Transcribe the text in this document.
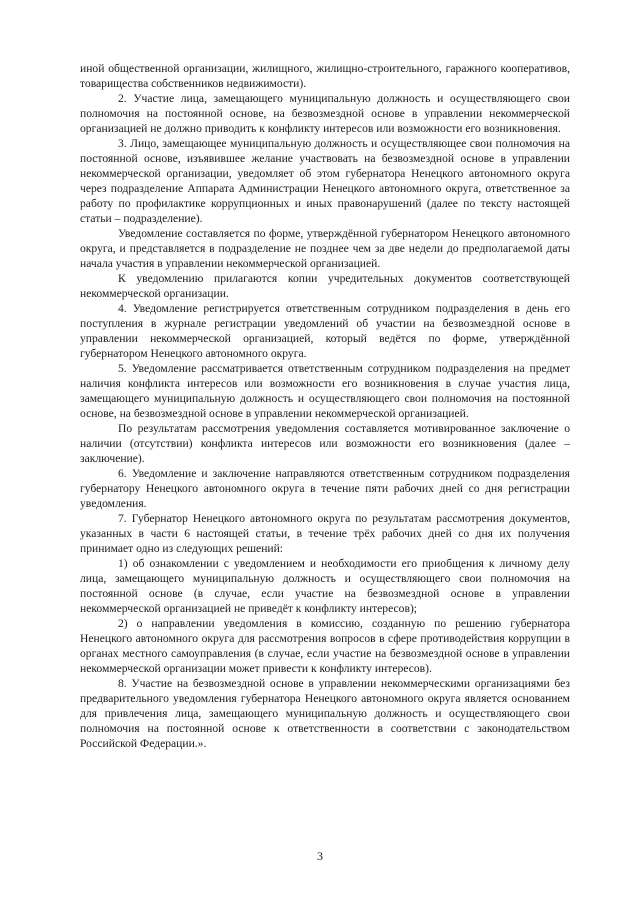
иной общественной организации, жилищного, жилищно-строительного, гаражного кооперативов, товарищества собственников недвижимости).

2. Участие лица, замещающего муниципальную должность и осуществляющего свои полномочия на постоянной основе, на безвозмездной основе в управлении некоммерческой организацией не должно приводить к конфликту интересов или возможности его возникновения.

3. Лицо, замещающее муниципальную должность и осуществляющее свои полномочия на постоянной основе, изъявившее желание участвовать на безвозмездной основе в управлении некоммерческой организации, уведомляет об этом губернатора Ненецкого автономного округа через подразделение Аппарата Администрации Ненецкого автономного округа, ответственное за работу по профилактике коррупционных и иных правонарушений (далее по тексту настоящей статьи – подразделение).

Уведомление составляется по форме, утверждённой губернатором Ненецкого автономного округа, и представляется в подразделение не позднее чем за две недели до предполагаемой даты начала участия в управлении некоммерческой организацией.

К уведомлению прилагаются копии учредительных документов соответствующей некоммерческой организации.

4. Уведомление регистрируется ответственным сотрудником подразделения в день его поступления в журнале регистрации уведомлений об участии на безвозмездной основе в управлении некоммерческой организацией, который ведётся по форме, утверждённой губернатором Ненецкого автономного округа.

5. Уведомление рассматривается ответственным сотрудником подразделения на предмет наличия конфликта интересов или возможности его возникновения в случае участия лица, замещающего муниципальную должность и осуществляющего свои полномочия на постоянной основе, на безвозмездной основе в управлении некоммерческой организацией.

По результатам рассмотрения уведомления составляется мотивированное заключение о наличии (отсутствии) конфликта интересов или возможности его возникновения (далее – заключение).

6. Уведомление и заключение направляются ответственным сотрудником подразделения губернатору Ненецкого автономного округа в течение пяти рабочих дней со дня регистрации уведомления.

7. Губернатор Ненецкого автономного округа по результатам рассмотрения документов, указанных в части 6 настоящей статьи, в течение трёх рабочих дней со дня их получения принимает одно из следующих решений:

1) об ознакомлении с уведомлением и необходимости его приобщения к личному делу лица, замещающего муниципальную должность и осуществляющего свои полномочия на постоянной основе (в случае, если участие на безвозмездной основе в управлении некоммерческой организацией не приведёт к конфликту интересов);

2) о направлении уведомления в комиссию, созданную по решению губернатора Ненецкого автономного округа для рассмотрения вопросов в сфере противодействия коррупции в органах местного самоуправления (в случае, если участие на безвозмездной основе в управлении некоммерческой организации может привести к конфликту интересов).

8. Участие на безвозмездной основе в управлении некоммерческими организациями без предварительного уведомления губернатора Ненецкого автономного округа является основанием для привлечения лица, замещающего муниципальную должность и осуществляющего свои полномочия на постоянной основе к ответственности в соответствии с законодательством Российской Федерации.».

3
